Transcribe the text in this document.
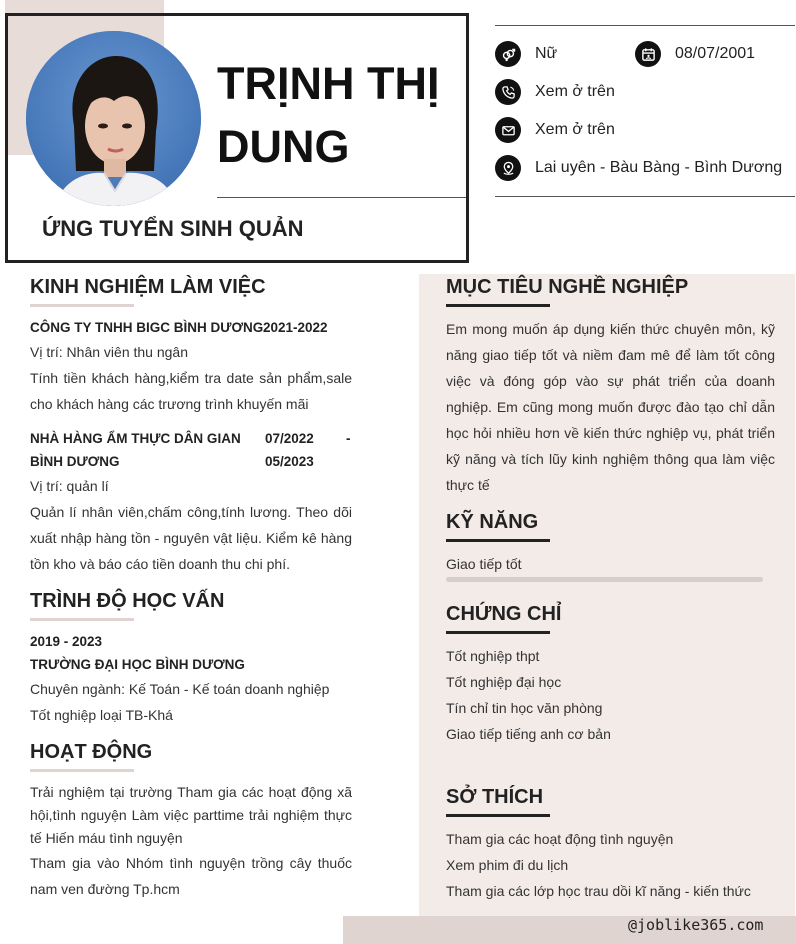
TRỊNH THỊ
DUNG
ỨNG TUYỂN SINH QUẢN
Nữ	08/07/2001
Xem ở trên
Xem ở trên
Lai uyên - Bàu Bàng - Bình Dương
KINH NGHIỆM LÀM VIỆC
CÔNG TY TNHH BIGC BÌNH DƯƠNG 2021-2022
Vị trí: Nhân viên thu ngân
Tính tiền khách hàng,kiểm tra date sản phẩm,sale cho khách hàng các trương trình khuyến mãi
NHÀ HÀNG ẨM THỰC DÂN GIAN
BÌNH DƯƠNG
07/2022 -
05/2023
Vị trí: quản lí
Quản lí nhân viên,chấm công,tính lương. Theo dõi xuất nhập hàng tồn - nguyên vật liệu. Kiểm kê hàng tồn kho và báo cáo tiền doanh thu chi phí.
TRÌNH ĐỘ HỌC VẤN
2019 - 2023
TRƯỜNG ĐẠI HỌC BÌNH DƯƠNG
Chuyên ngành: Kế Toán - Kế toán doanh nghiệp
Tốt nghiệp loại TB-Khá
HOẠT ĐỘNG
Trải nghiệm tại trường Tham gia các hoạt động xã hội,tình nguyện Làm việc parttime trải nghiệm thực tế Hiến máu tình nguyện
Tham gia vào Nhóm tình nguyện trồng cây thuốc nam ven đường Tp.hcm
MỤC TIÊU NGHỀ NGHIỆP
Em mong muốn áp dụng kiến thức chuyên môn, kỹ năng giao tiếp tốt và niềm đam mê để làm tốt công việc và đóng góp vào sự phát triển của doanh nghiệp. Em cũng mong muốn được đào tạo chỉ dẫn học hỏi nhiều hơn về kiến thức nghiệp vụ, phát triển kỹ năng và tích lũy kinh nghiệm thông qua làm việc thực tế
KỸ NĂNG
Giao tiếp tốt
CHỨNG CHỈ
Tốt nghiệp thpt
Tốt nghiệp đại học
Tín chỉ tin học văn phòng
Giao tiếp tiếng anh cơ bản
SỞ THÍCH
Tham gia các hoạt động tình nguyện
Xem phim đi du lịch
Tham gia các lớp học trau dồi kĩ năng - kiến thức
@joblike365.com
